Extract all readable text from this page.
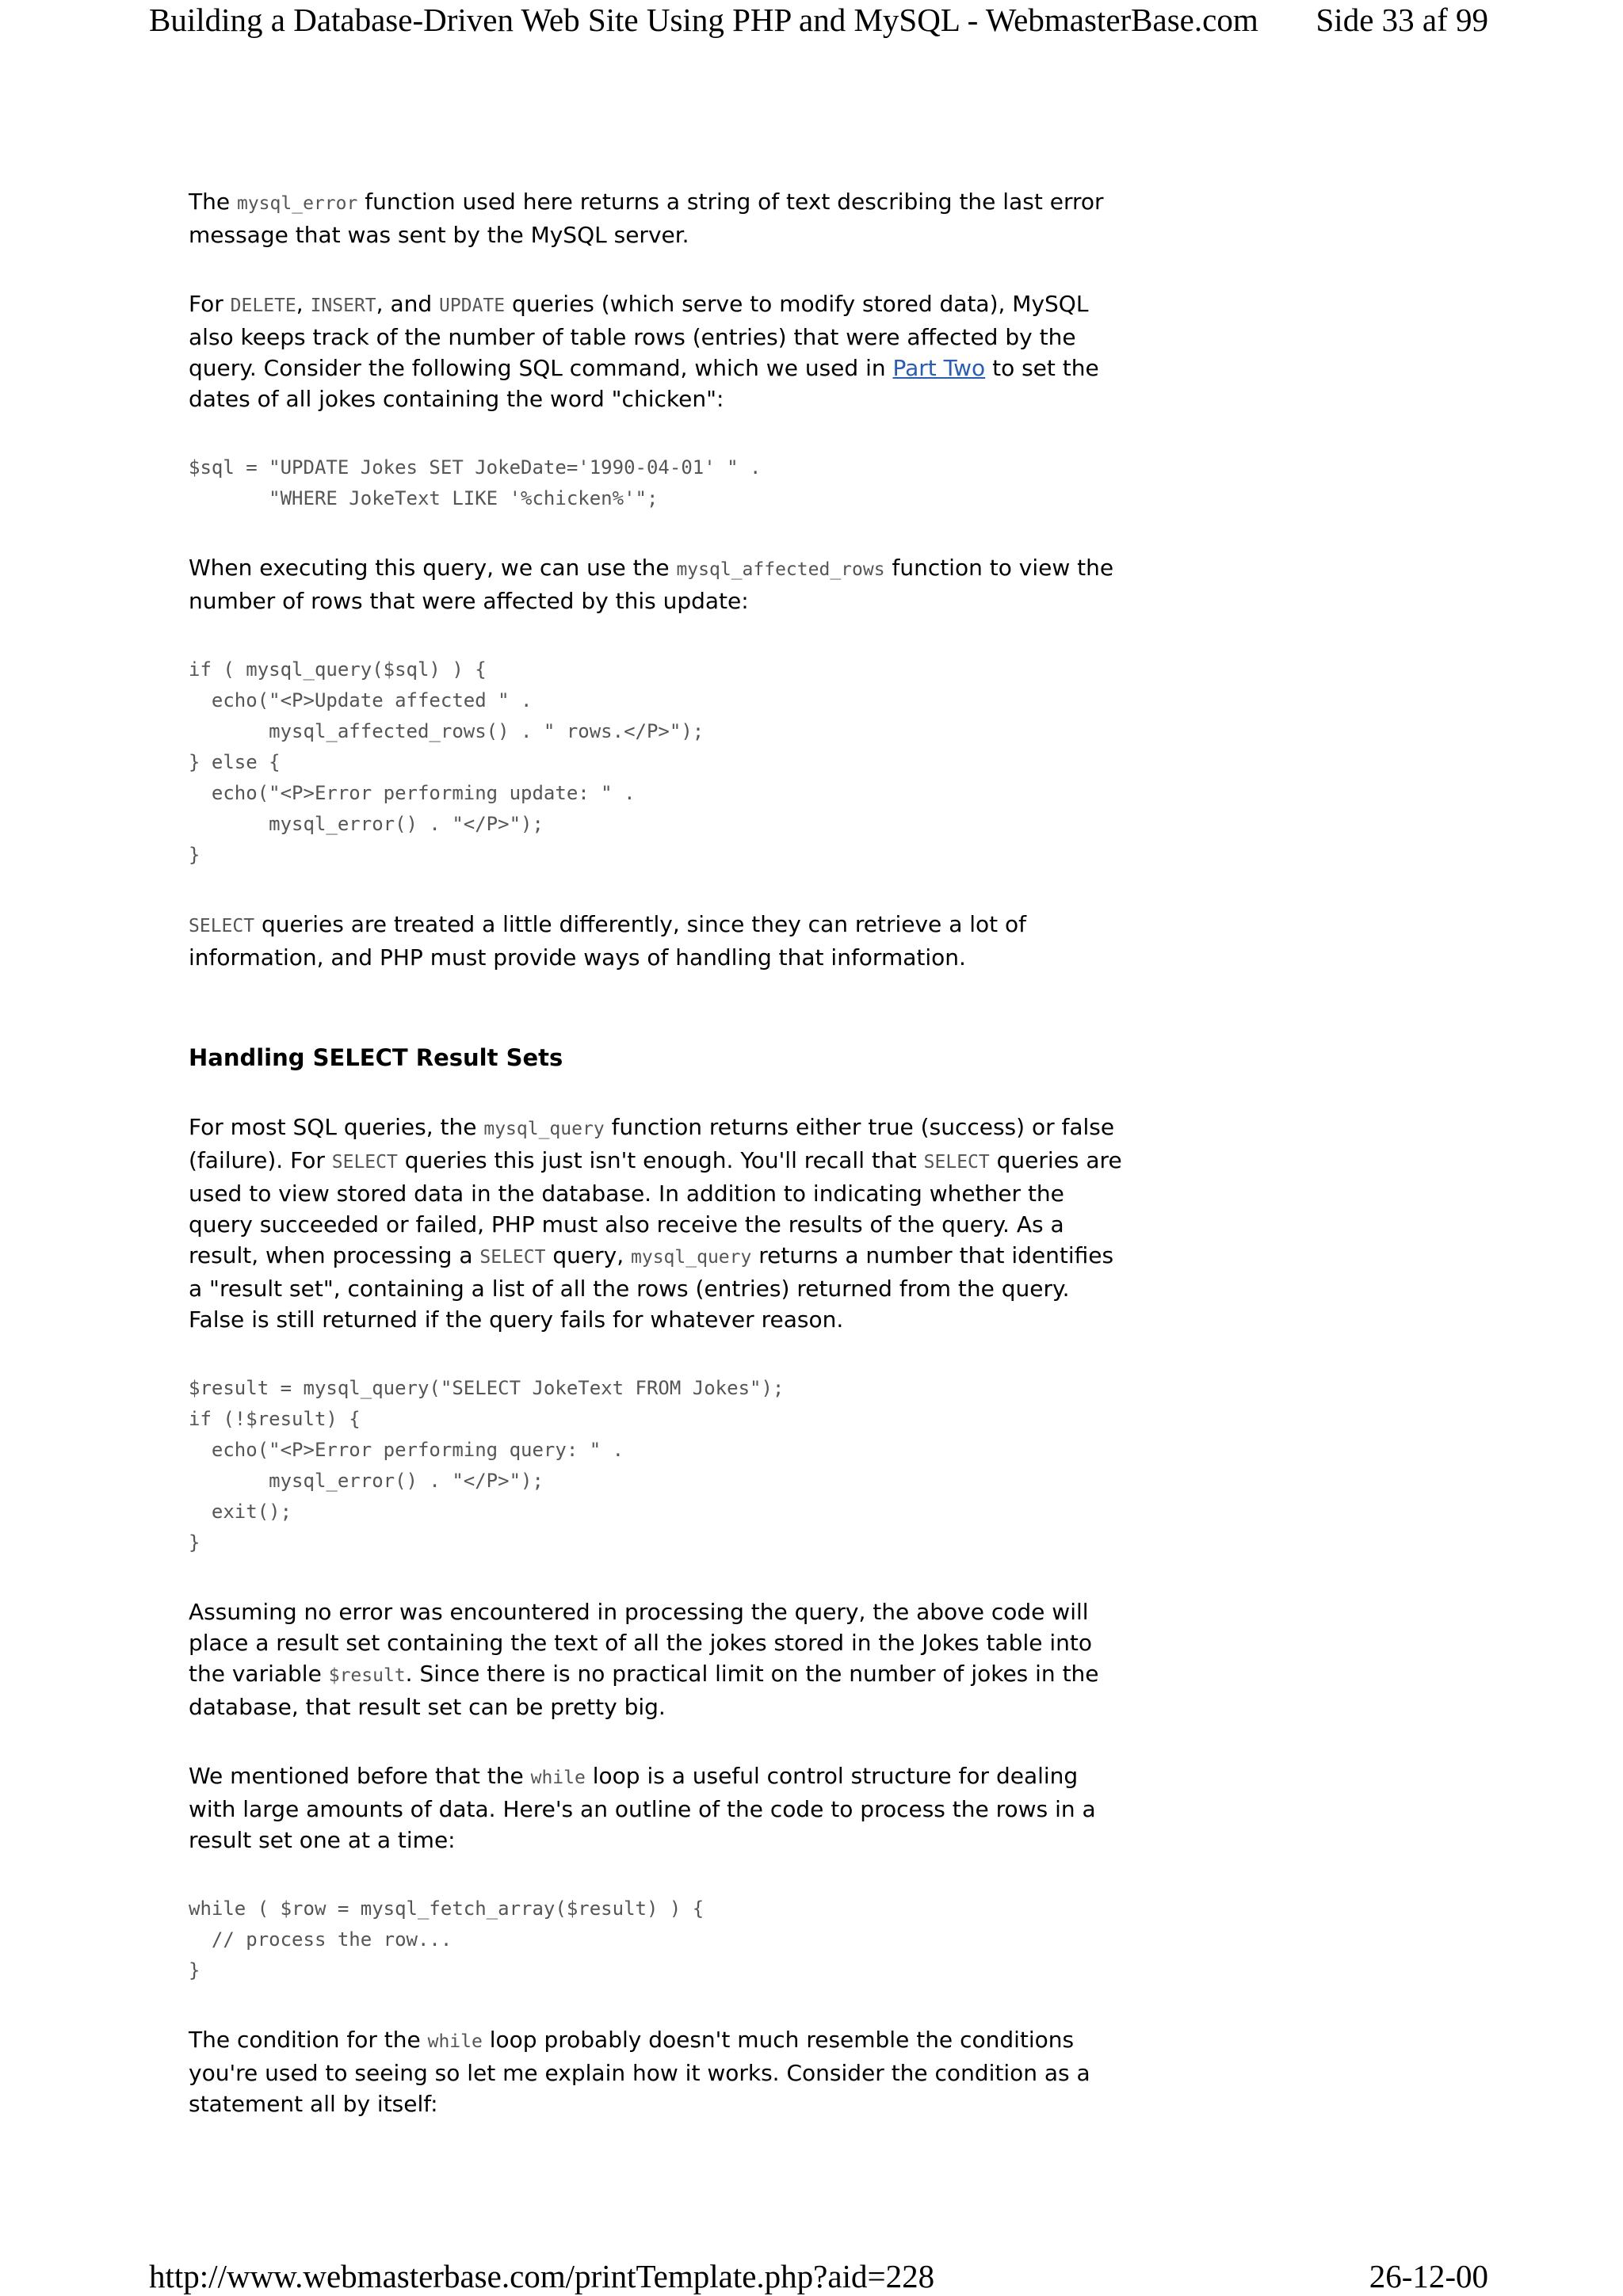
Building a Database-Driven Web Site Using PHP and MySQL - WebmasterBase.com Side 33 af 99

The mysql_error function used here returns a string of text describing the last error message that was sent by the MySQL server.

For DELETE, INSERT, and UPDATE queries (which serve to modify stored data), MySQL also keeps track of the number of table rows (entries) that were affected by the query. Consider the following SQL command, which we used in Part Two to set the dates of all jokes containing the word "chicken":

$sql = "UPDATE Jokes SET JokeDate='1990-04-01' " .
"WHERE JokeText LIKE '%chicken%'";

When executing this query, we can use the mysql_affected_rows function to view the number of rows that were affected by this update:

if ( mysql_query($sql) ) {
echo("<P>Update affected " .
mysql_affected_rows() . " rows.</P>");
} else {
echo("<P>Error performing update: " .
mysql_error() . "</P>");
}

SELECT queries are treated a little differently, since they can retrieve a lot of information, and PHP must provide ways of handling that information.

Handling SELECT Result Sets

For most SQL queries, the mysql_query function returns either true (success) or false (failure). For SELECT queries this just isn't enough. You'll recall that SELECT queries are used to view stored data in the database. In addition to indicating whether the query succeeded or failed, PHP must also receive the results of the query. As a result, when processing a SELECT query, mysql_query returns a number that identifies a "result set", containing a list of all the rows (entries) returned from the query. False is still returned if the query fails for whatever reason.

$result = mysql_query("SELECT JokeText FROM Jokes");
if (!$result) {
echo("<P>Error performing query: " .
mysql_error() . "</P>");
exit();
}

Assuming no error was encountered in processing the query, the above code will place a result set containing the text of all the jokes stored in the Jokes table into the variable $result. Since there is no practical limit on the number of jokes in the database, that result set can be pretty big.

We mentioned before that the while loop is a useful control structure for dealing with large amounts of data. Here's an outline of the code to process the rows in a result set one at a time:

while ( $row = mysql_fetch_array($result) ) {
// process the row...
}

The condition for the while loop probably doesn't much resemble the conditions you're used to seeing so let me explain how it works. Consider the condition as a statement all by itself:

http://www.webmasterbase.com/printTemplate.php?aid=228	26-12-00
